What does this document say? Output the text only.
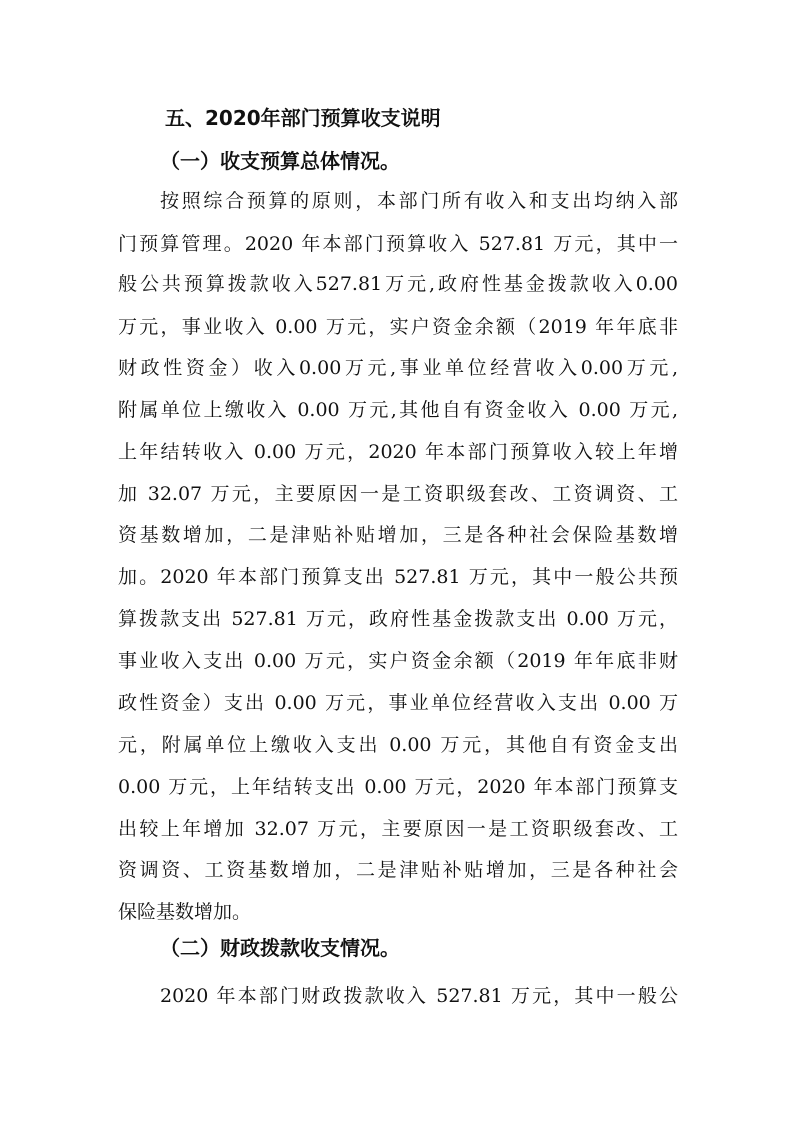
五、2020年部门预算收支说明
（一）收支预算总体情况。
按照综合预算的原则，本部门所有收入和支出均纳入部
门预算管理。2020 年本部门预算收入 527.81 万元，其中一
般公共预算拨款收入527.81万元,政府性基金拨款收入0.00
万元，事业收入 0.00 万元，实户资金余额（2019 年年底非
财政性资金）收入0.00万元,事业单位经营收入0.00万元,
附属单位上缴收入 0.00 万元,其他自有资金收入 0.00 万元,
上年结转收入 0.00 万元，2020 年本部门预算收入较上年增
加 32.07 万元，主要原因一是工资职级套改、工资调资、工
资基数增加，二是津贴补贴增加，三是各种社会保险基数增
加。2020 年本部门预算支出 527.81 万元，其中一般公共预
算拨款支出 527.81 万元，政府性基金拨款支出 0.00 万元，
事业收入支出 0.00 万元，实户资金余额（2019 年年底非财
政性资金）支出 0.00 万元，事业单位经营收入支出 0.00 万
元，附属单位上缴收入支出 0.00 万元，其他自有资金支出
0.00 万元，上年结转支出 0.00 万元，2020 年本部门预算支
出较上年增加 32.07 万元，主要原因一是工资职级套改、工
资调资、工资基数增加，二是津贴补贴增加，三是各种社会
保险基数增加。
（二）财政拨款收支情况。
2020 年本部门财政拨款收入 527.81 万元，其中一般公
